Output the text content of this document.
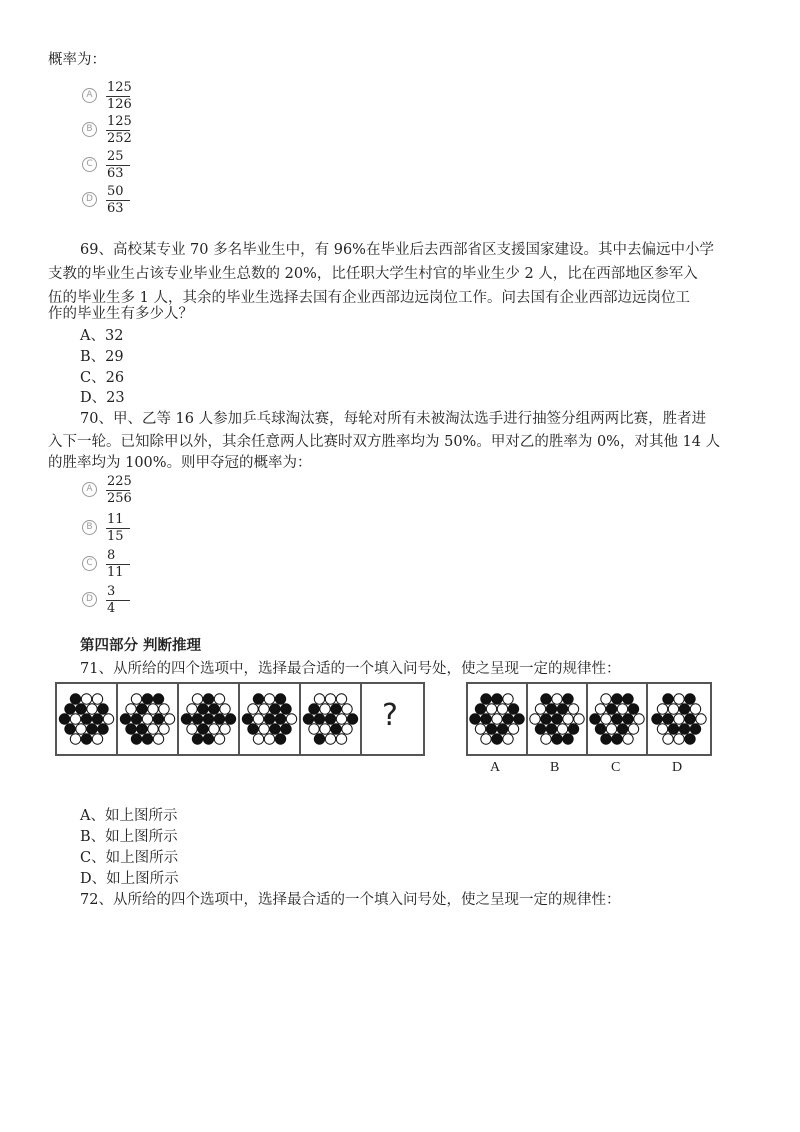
概率为：
A	125
126
B	125
252
C	25
63
D	50
63
69、高校某专业 70 多名毕业生中，有 96%在毕业后去西部省区支援国家建设。其中去偏远中小学
支教的毕业生占该专业毕业生总数的 20%，比任职大学生村官的毕业生少 2 人，比在西部地区参军入
伍的毕业生多 1 人，其余的毕业生选择去国有企业西部边远岗位工作。问去国有企业西部边远岗位工
作的毕业生有多少人？
A、32
B、29
C、26
D、23
70、甲、乙等 16 人参加乒乓球淘汰赛，每轮对所有未被淘汰选手进行抽签分组两两比赛，胜者进
入下一轮。已知除甲以外，其余任意两人比赛时双方胜率均为 50%。甲对乙的胜率为 0%，对其他 14 人
的胜率均为 100%。则甲夺冠的概率为：
A	225
256
B	11
15
C	8
11
D	3
4
第四部分 判断推理
71、从所给的四个选项中，选择最合适的一个填入问号处，使之呈现一定的规律性：
?
A	B	C	D
A、如上图所示
B、如上图所示
C、如上图所示
D、如上图所示
72、从所给的四个选项中，选择最合适的一个填入问号处，使之呈现一定的规律性：
